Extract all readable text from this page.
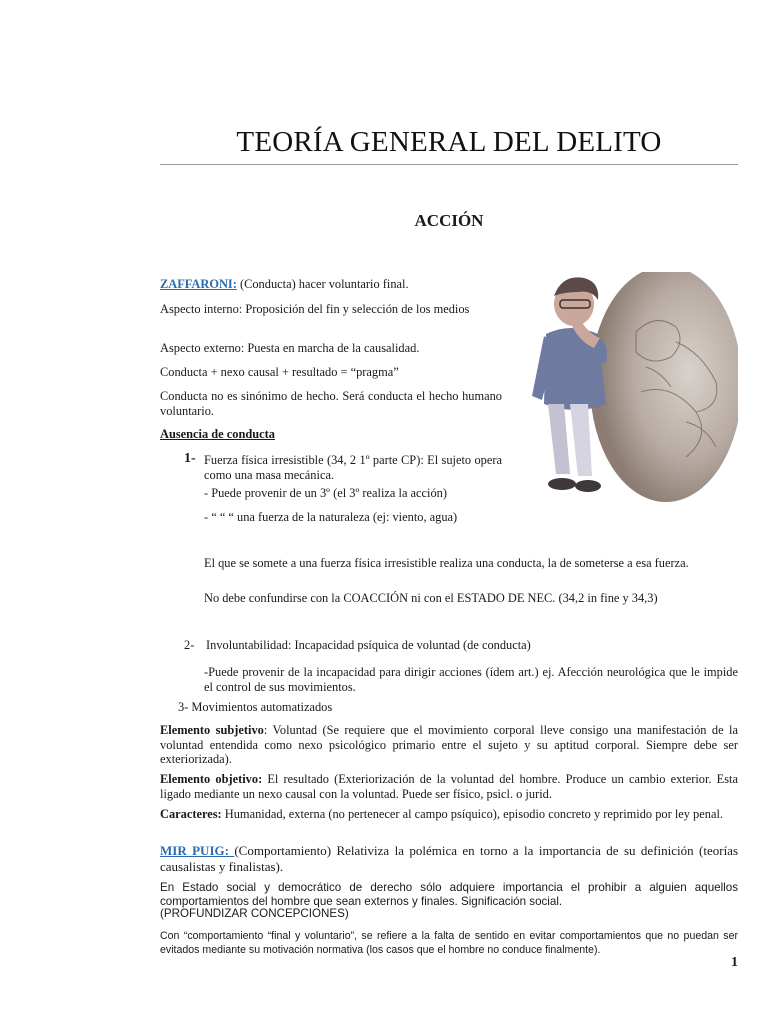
TEORÍA GENERAL DEL DELITO
ACCIÓN
ZAFFARONI: (Conducta) hacer voluntario final.
Aspecto interno: Proposición del fin y selección de los medios
Aspecto externo: Puesta en marcha de la causalidad.
Conducta + nexo causal + resultado = “pragma”
Conducta no es sinónimo de hecho. Será conducta el hecho humano voluntario.
Ausencia de conducta
1- Fuerza física irresistible (34, 2 1º parte CP): El sujeto opera como una masa mecánica.
- Puede provenir de un 3º (el 3º realiza la acción)
- “ “ “ una fuerza de la naturaleza (ej: viento, agua)
El que se somete a una fuerza física irresistible realiza una conducta, la de someterse a esa fuerza.
No debe confundirse con la COACCIÓN ni con el ESTADO DE NEC. (34,2 in fine y 34,3)
2- Involuntabilidad: Incapacidad psíquica de voluntad (de conducta)
-Puede provenir de la incapacidad para dirigir acciones (ídem art.) ej. Afección neurológica que le impide el control de sus movimientos.
3- Movimientos automatizados
Elemento subjetivo: Voluntad (Se requiere que el movimiento corporal lleve consigo una manifestación de la voluntad entendida como nexo psicológico primario entre el sujeto y su aptitud corporal. Siempre debe ser exteriorizada).
Elemento objetivo: El resultado (Exteriorización de la voluntad del hombre. Produce un cambio exterior. Esta ligado mediante un nexo causal con la voluntad. Puede ser físico, psicl. o jurid.
Caracteres: Humanidad, externa (no pertenecer al campo psíquico), episodio concreto y reprimido por ley penal.
MIR PUIG: (Comportamiento) Relativiza la polémica en torno a la importancia de su definición (teorías causalistas y finalistas).
En Estado social y democrático de derecho sólo adquiere importancia el prohibir a alguien aquellos comportamientos del hombre que sean externos y finales. Significación social.
(PROFUNDIZAR CONCEPCIONES)
Con “comportamiento “final y voluntario”, se refiere a la falta de sentido en evitar comportamientos que no puedan ser evitados mediante su motivación normativa (los casos que el hombre no conduce finalmente).
1
